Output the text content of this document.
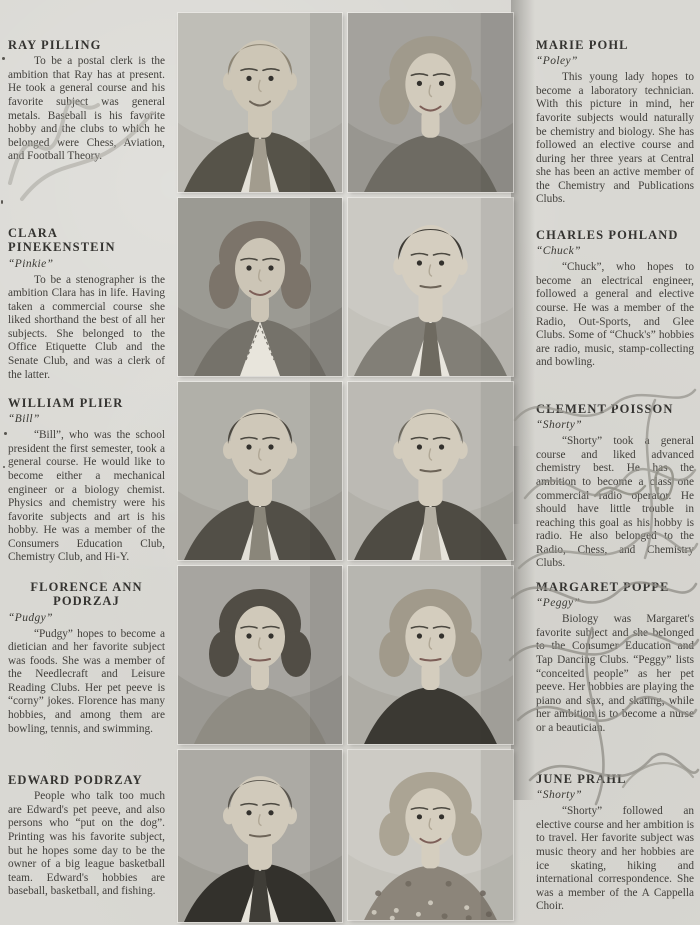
RAY PILLING

To be a postal clerk is the ambition that Ray has at present. He took a general course and his favorite subject was general metals. Baseball is his favorite hobby and the clubs to which he belonged were Chess, Aviation, and Football Theory.

CLARA PINEKENSTEIN

“Pinkie”

To be a stenographer is the ambition Clara has in life. Having taken a commercial course she liked shorthand the best of all her subjects. She belonged to the Office Etiquette Club and the Senate Club, and was a clerk of the latter.

WILLIAM PLIER

“Bill”

“Bill”, who was the school president the first semester, took a general course. He would like to become either a mechanical engineer or a biology chemist. Physics and chemistry were his favorite subjects and art is his hobby. He was a member of the Consumers Education Club, Chemistry Club, and Hi-Y.

FLORENCE ANN PODRZAJ

“Pudgy”

“Pudgy” hopes to become a dietician and her favorite subject was foods. She was a member of the Needlecraft and Leisure Reading Clubs. Her pet peeve is “corny” jokes. Florence has many hobbies, and among them are bowling, tennis, and swimming.

EDWARD PODRZAY

People who talk too much are Edward's pet peeve, and also persons who “put on the dog”. Printing was his favorite subject, but he hopes some day to be the owner of a big league basketball team. Edward's hobbies are baseball, basketball, and fishing.

MARIE POHL

“Poley”

This young lady hopes to become a laboratory technician. With this picture in mind, her favorite subjects would naturally be chemistry and biology. She has followed an elective course and during her three years at Central she has been an active member of the Chemistry and Publications Clubs.

CHARLES POHLAND

“Chuck”

“Chuck”, who hopes to become an electrical engineer, followed a general and elective course. He was a member of the Radio, Out-Sports, and Glee Clubs. Some of “Chuck's” hobbies are radio, music, stamp-collecting and bowling.

CLEMENT POISSON

“Shorty”

“Shorty” took a general course and liked advanced chemistry best. He has the ambition to become a class one commercial radio operator. He should have little trouble in reaching this goal as his hobby is radio. He also belonged to the Radio, Chess, and Chemistry Clubs.

MARGARET POPPE

“Peggy”

Biology was Margaret's favorite subject and she belonged to the Consumer Education and Tap Dancing Clubs. “Peggy” lists “conceited people” as her pet peeve. Her hobbies are playing the piano and sax, and skating, while her ambition is to become a nurse or a beautician.

JUNE PRAHL

“Shorty”

“Shorty” followed an elective course and her ambition is to travel. Her favorite subject was music theory and her hobbies are ice skating, hiking and international correspondence. She was a member of the A Cappella Choir.
